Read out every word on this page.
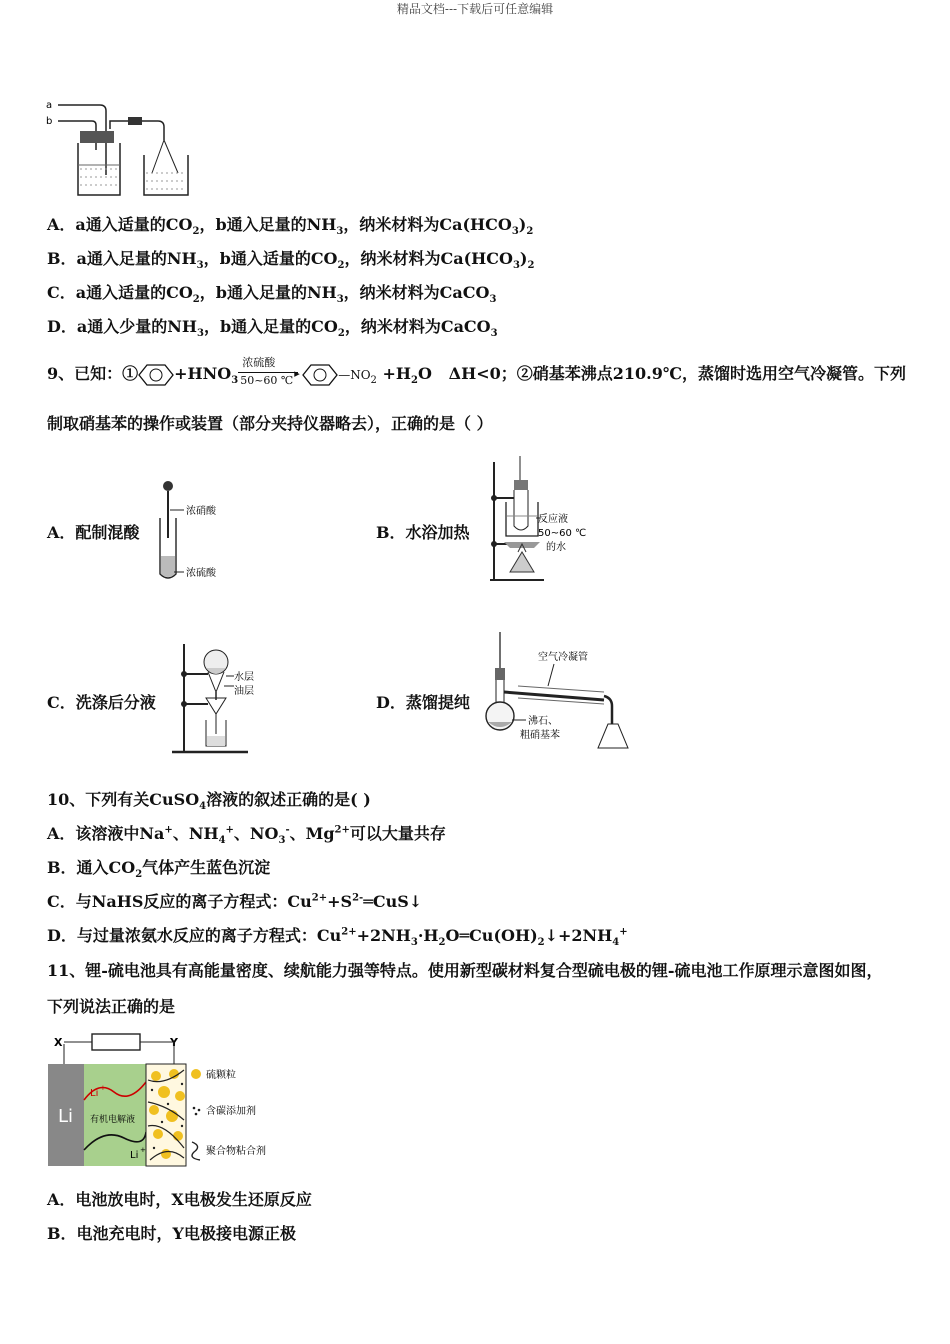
精品文档---下载后可任意编辑
a
b
A．a通入适量的$CO_2$，b通入足量的$NH_3$，纳米材料为$Ca(HCO_3)_2$
B．a通入足量的$NH_3$，b通入适量的$CO_2$，纳米材料为$Ca(HCO_3)_2$
C．a通入适量的$CO_2$，b通入足量的$NH_3$，纳米材料为CaCO$_3$
D．a通入少量的$NH_3$，b通入足量的$CO_2$，纳米材料为CaCO$_3$
9、已知：① $+HNO_3$
浓硫酸
▸
50~60 ℃	$—NO_2 +H_2O$ ΔH<0；②硝基苯沸点210.9℃，蒸馏时选用空气冷凝管。下列
制取硝基苯的操作或装置（部分夹持仪器略去），正确的是（ ）
A．配制混酸
浓硝酸
浓硫酸
B．水浴加热
反应液
50~60 ℃
的水
C．洗涤后分液
水层
油层
D．蒸馏提纯
空气冷凝管
沸石、
粗硝基苯
10、下列有关CuSO$_4$溶液的叙述正确的是( )
A．该溶液中Na+、$NH_4^+$、$NO_3^-$、$Mg^{2+}$可以大量共存
B．通入$CO_2$气体产生蓝色沉淀
C．与NaHS反应的离子方程式：$Cu^{2+}+S^{2-}═CuS↓$
D．与过量浓氨水反应的离子方程式：$Cu^{2+}+2NH_3\cdot H_2O═Cu(OH)_2↓+2NH_4^+$
11、锂-硫电池具有高能量密度、续航能力强等特点。使用新型碳材料复合型硫电极的锂-硫电池工作原理示意图如图，
下列说法正确的是
X	Y
Li
Li +
有机电解液
Li +
硫颗粒
含碳添加剂
聚合物粘合剂
A．电池放电时，X电极发生还原反应
B．电池充电时，Y电极接电源正极
